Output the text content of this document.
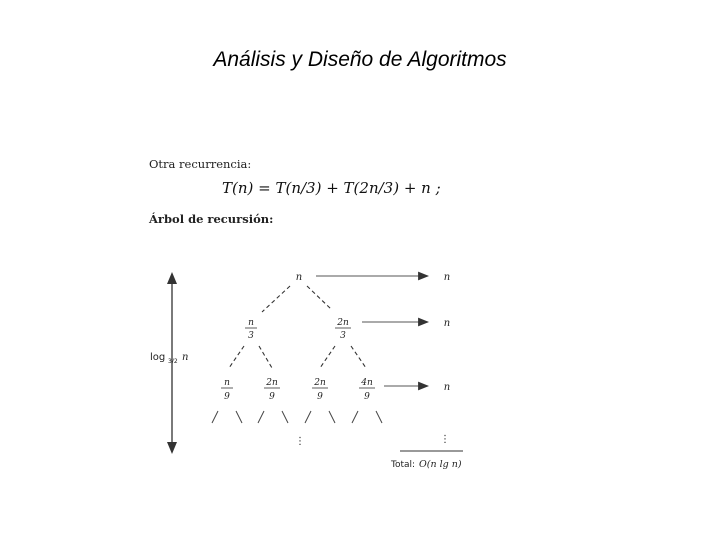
Análisis y Diseño de Algoritmos
Otra recurrencia:
T(n) = T(n/3) + T(2n/3) + n ;
Árbol de recursión:
log 3/2 n
n
n
3
2n
3
n
9
2n
9
2n
9
4n
9
⋮
n
n
n
⋮
Total: O(n lg n)
